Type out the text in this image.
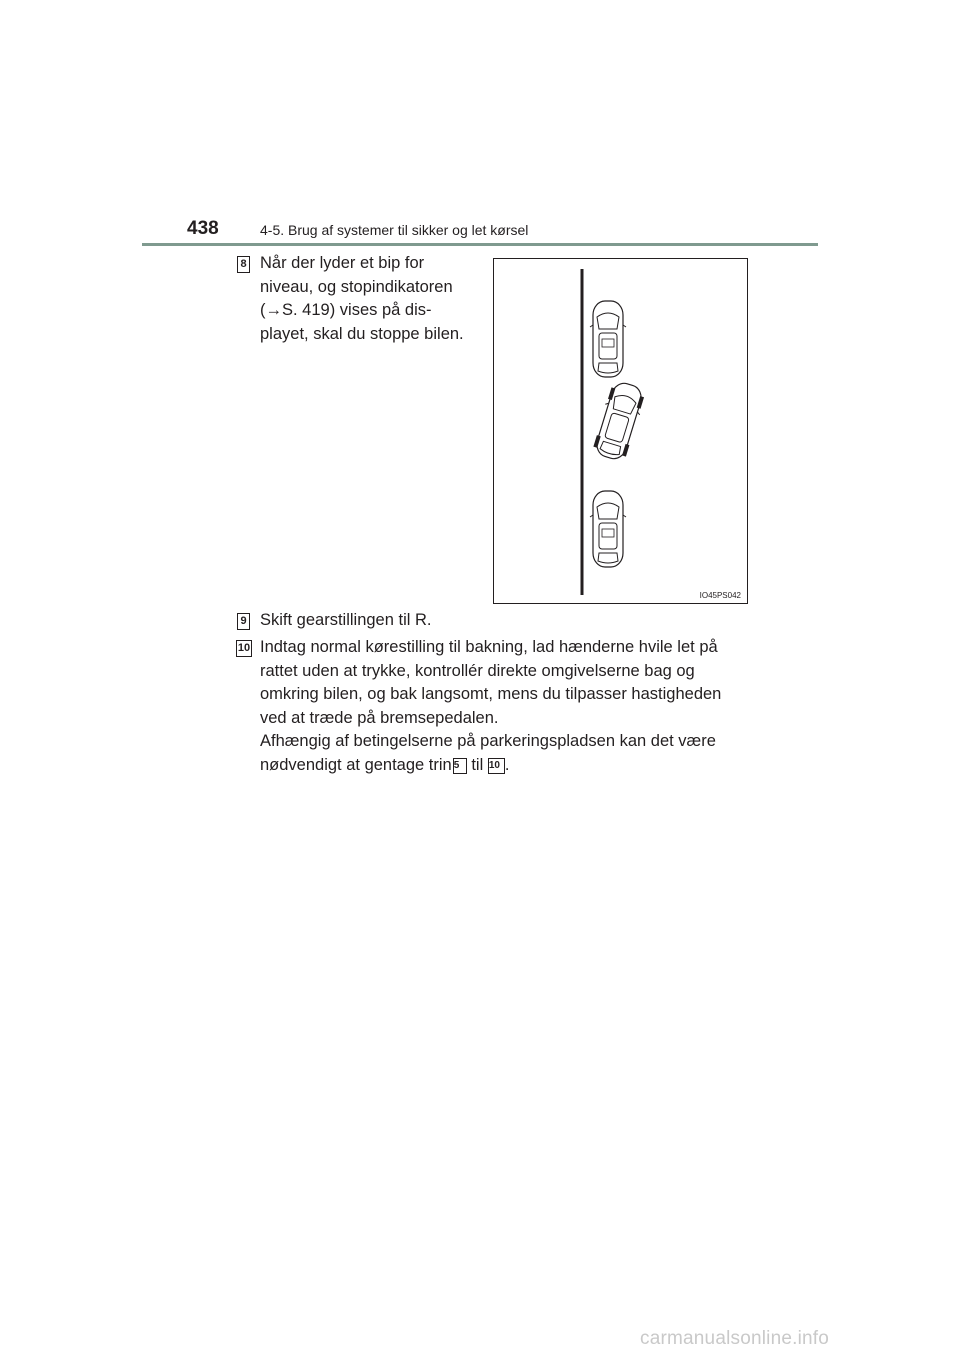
438	4-5. Brug af systemer til sikker og let kørsel
8 Når der lyder et bip for
niveau, og stopindikatoren
(→S. 419) vises på dis-
playet, skal du stoppe bilen.
IO45PS042
9 Skift gearstillingen til R.
10 Indtag normal kørestilling til bakning, lad hænderne hvile let på
rattet uden at trykke, kontrollér direkte omgivelserne bag og
omkring bilen, og bak langsomt, mens du tilpasser hastigheden
ved at træde på bremsepedalen.
Afhængig af betingelserne på parkeringspladsen kan det være
nødvendigt at gentage trin 5 til 10 .
carmanualsonline.info
